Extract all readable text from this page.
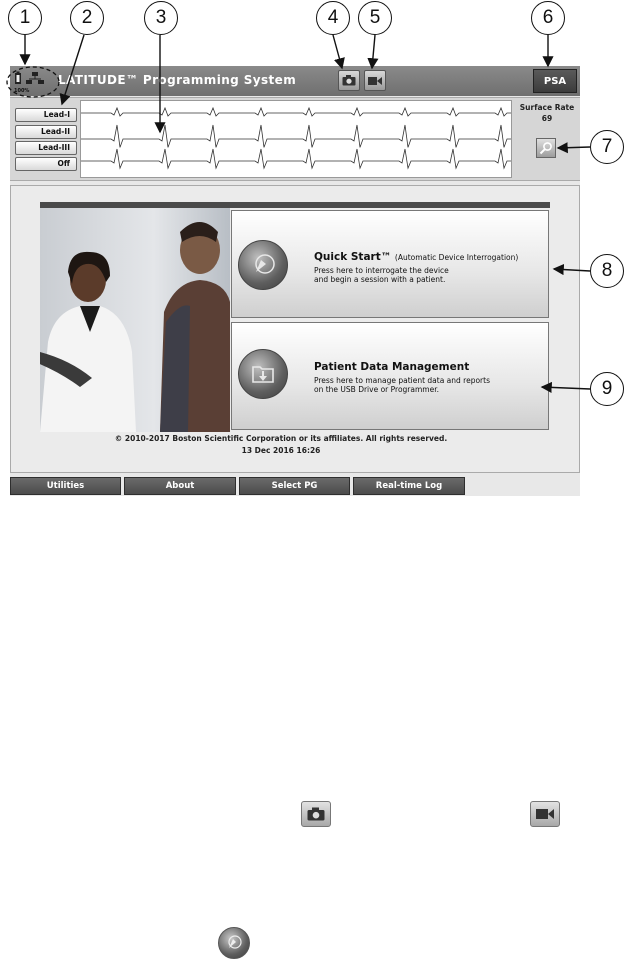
1	2	3	4	5	6
7
8
9
100%
LATITUDE™ Programming System	PSA
Lead-I
Lead-II
Lead-III
Off
Surface Rate
69
Quick Start™ (Automatic Device Interrogation)
Press here to interrogate the device
and begin a session with a patient.
Patient Data Management
Press here to manage patient data and reports
on the USB Drive or Programmer.
© 2010-2017 Boston Scientific Corporation or its affiliates. All rights reserved.
13 Dec 2016 16:26
Utilities	About	Select PG	Real-time Log
